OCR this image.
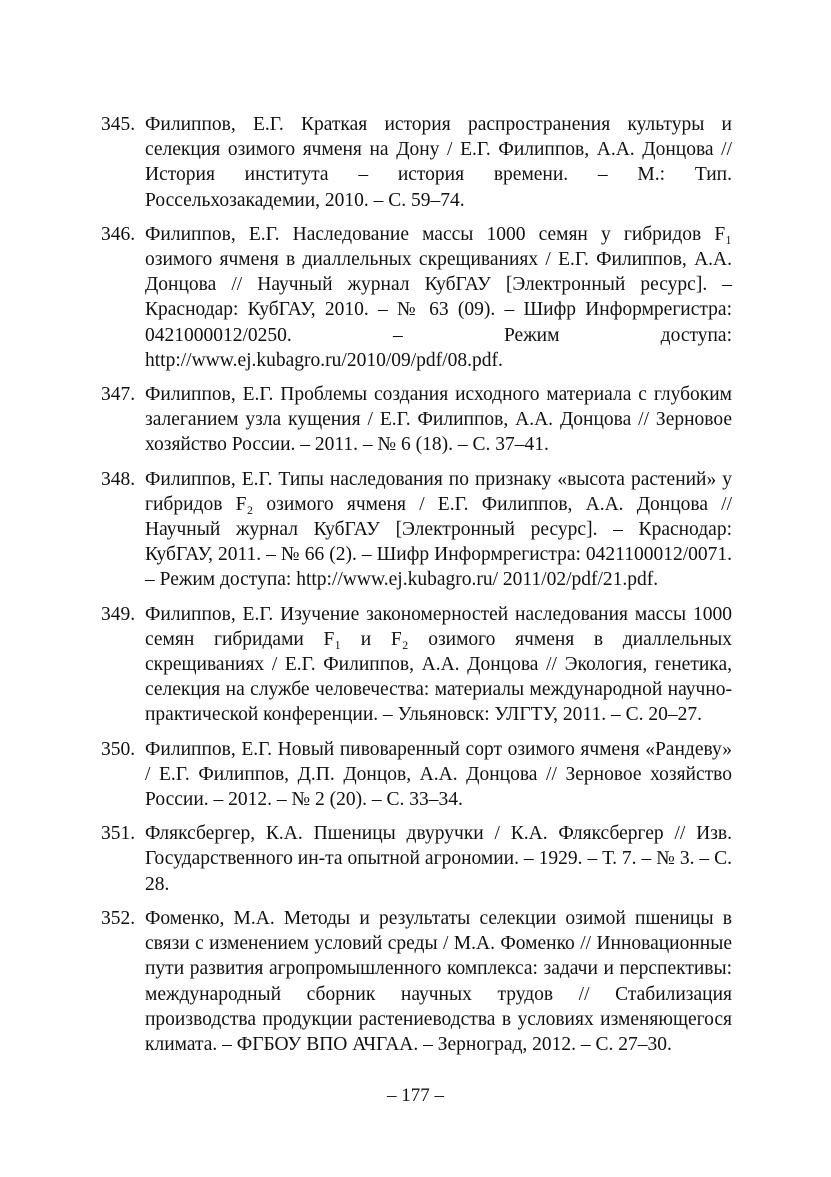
345. Филиппов, Е.Г. Краткая история распространения культуры и селекция озимого ячменя на Дону / Е.Г. Филиппов, А.А. Донцова // История института – история времени. – М.: Тип. Россельхозакадемии, 2010. – С. 59–74.
346. Филиппов, Е.Г. Наследование массы 1000 семян у гибридов F₁ озимого ячменя в диаллельных скрещиваниях / Е.Г. Филиппов, А.А. Донцова // Научный журнал КубГАУ [Электронный ресурс]. – Краснодар: КубГАУ, 2010. – № 63 (09). – Шифр Информрегистра: 0421000012/0250. – Режим доступа: http://www.ej.kubagro.ru/2010/09/pdf/08.pdf.
347. Филиппов, Е.Г. Проблемы создания исходного материала с глубоким залеганием узла кущения / Е.Г. Филиппов, А.А. Донцова // Зерновое хозяйство России. – 2011. – № 6 (18). – С. 37–41.
348. Филиппов, Е.Г. Типы наследования по признаку «высота растений» у гибридов F₂ озимого ячменя / Е.Г. Филиппов, А.А. Донцова // Научный журнал КубГАУ [Электронный ресурс]. – Краснодар: КубГАУ, 2011. – № 66 (2). – Шифр Информрегистра: 0421100012/0071. – Режим доступа: http://www.ej.kubagro.ru/ 2011/02/pdf/21.pdf.
349. Филиппов, Е.Г. Изучение закономерностей наследования массы 1000 семян гибридами F₁ и F₂ озимого ячменя в диаллельных скрещиваниях / Е.Г. Филиппов, А.А. Донцова // Экология, генетика, селекция на службе человечества: материалы международной научно-практической конференции. – Ульяновск: УЛГТУ, 2011. – С. 20–27.
350. Филиппов, Е.Г. Новый пивоваренный сорт озимого ячменя «Рандеву» / Е.Г. Филиппов, Д.П. Донцов, А.А. Донцова // Зерновое хозяйство России. – 2012. – № 2 (20). – С. 33–34.
351. Фляксбергер, К.А. Пшеницы двуручки / К.А. Фляксбергер // Изв. Государственного ин-та опытной агрономии. – 1929. – Т. 7. – № 3. – С. 28.
352. Фоменко, М.А. Методы и результаты селекции озимой пшеницы в связи с изменением условий среды / М.А. Фоменко // Инновационные пути развития агропромышленного комплекса: задачи и перспективы: международный сборник научных трудов // Стабилизация производства продукции растениеводства в условиях изменяющегося климата. – ФГБОУ ВПО АЧГАА. – Зерноград, 2012. – С. 27–30.
– 177 –
